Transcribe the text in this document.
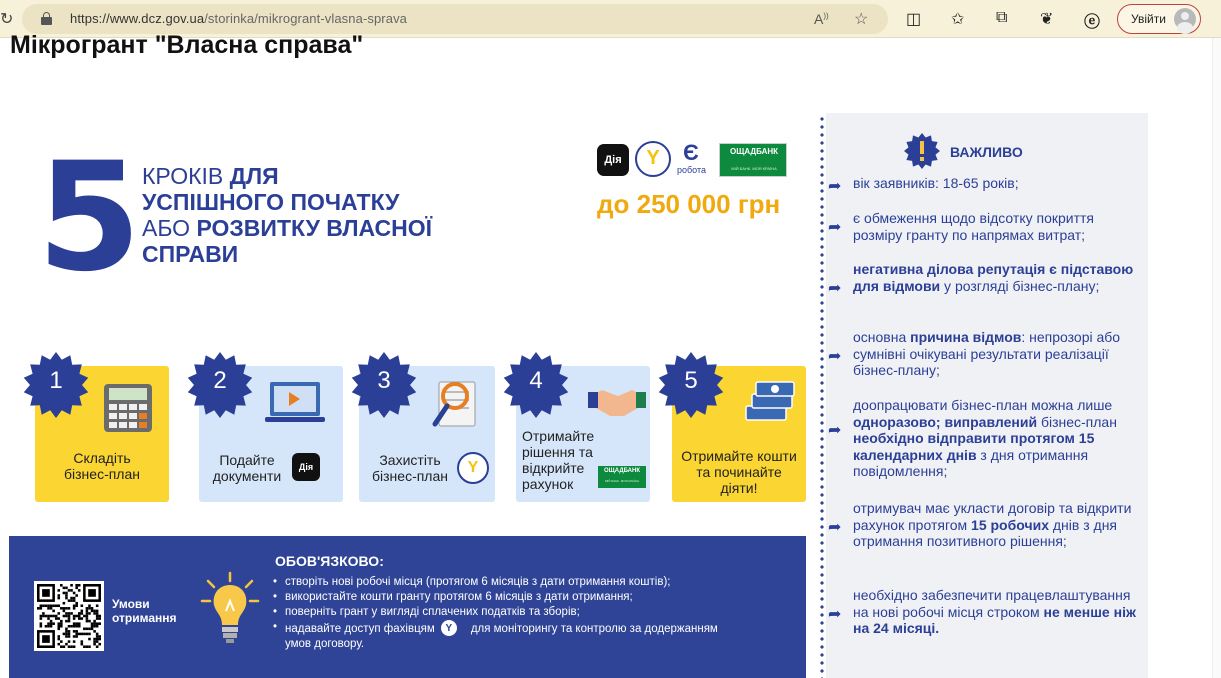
↻	https://www.dcz.gov.ua/storinka/mikrogrant-vlasna-sprava	A)) ☆ ◫ ✩ ⧉ ❦ ⓔ	Увійти
Мікрогрант "Власна справа"
5 КРОКІВ ДЛЯ
УСПІШНОГО ПОЧАТКУ
АБО РОЗВИТКУ ВЛАСНОЇ
СПРАВИ
Дія Y	Є
робота
ОЩАДБАНК
МІЙ БАНК. МОЯ КРАЇНА
до 250 000 грн
Складіть
бізнес-план
Подайте
документи
Дія	Захистіть
бізнес-план	Y
Отримайте
рішення та
відкрийте
рахунок
ОЩАДБАНК
МІЙ БАНК. МОЯ КРАЇНА
Отримайте кошти
та починайте
діяти!
1	2	3	4	5
Умови
отримання
ОБОВ'ЯЗКОВО:
• створіть нові робочі місця (протягом 6 місяців з дати отримання коштів);
• використайте кошти гранту протягом 6 місяців з дати отримання;
• поверніть грант у вигляді сплачених податків та зборів;
• надавайте доступ фахівцям Y	для моніторингу та контролю за додержанням
умов договору.
ВАЖЛИВО
➦ вік заявників: 18-65 років;
➦
є обмеження щодо відсотку покриття розміру гранту по напрямах витрат;
➦
негативна ділова репутація є підставою для відмови у розгляді бізнес-плану;
➦
основна причина відмов: непрозорі або сумнівні очікувані результати реалізації бізнес-плану;
➦
доопрацювати бізнес-план можна лише одноразово; виправлений бізнес-план необхідно відправити протягом 15 календарних днів з дня отримання повідомлення;
➦
отримувач має укласти договір та відкрити рахунок протягом 15 робочих днів з дня отримання позитивного рішення;
➦
необхідно забезпечити працевлаштування на нові робочі місця строком не менше ніж на 24 місяці.
